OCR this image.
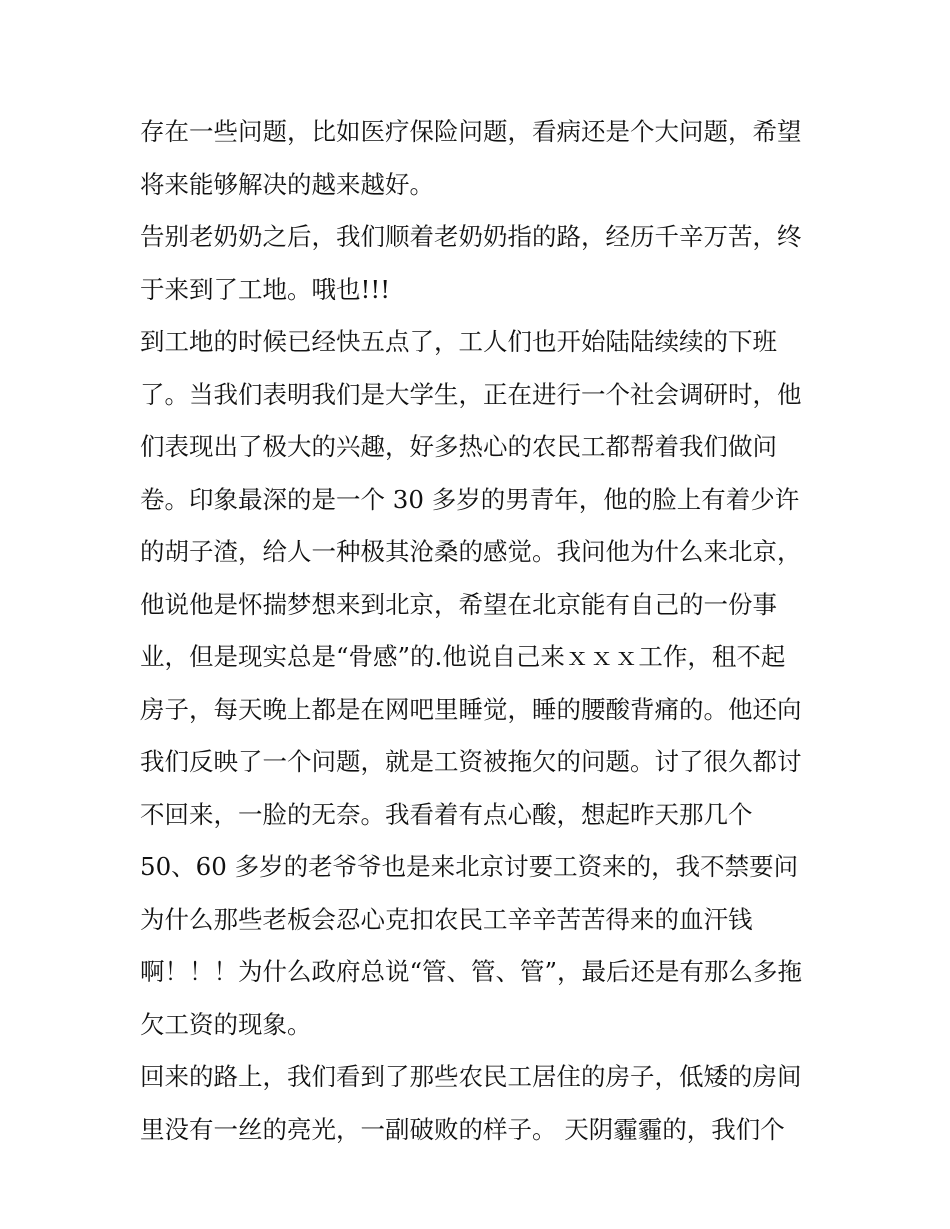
存在一些问题，比如医疗保险问题，看病还是个大问题，希望
将来能够解决的越来越好。
告别老奶奶之后，我们顺着老奶奶指的路，经历千辛万苦，终
于来到了工地。哦也!!!
到工地的时候已经快五点了，工人们也开始陆陆续续的下班
了。当我们表明我们是大学生，正在进行一个社会调研时，他
们表现出了极大的兴趣，好多热心的农民工都帮着我们做问
卷。印象最深的是一个 30 多岁的男青年，他的脸上有着少许
的胡子渣，给人一种极其沧桑的感觉。我问他为什么来北京，
他说他是怀揣梦想来到北京，希望在北京能有自己的一份事
业，但是现实总是“骨感”的.他说自己来ｘｘｘ工作，租不起
房子，每天晚上都是在网吧里睡觉，睡的腰酸背痛的。他还向
我们反映了一个问题，就是工资被拖欠的问题。讨了很久都讨
不回来，一脸的无奈。我看着有点心酸，想起昨天那几个
50、60 多岁的老爷爷也是来北京讨要工资来的，我不禁要问
为什么那些老板会忍心克扣农民工辛辛苦苦得来的血汗钱
啊！！！为什么政府总说“管、管、管”，最后还是有那么多拖
欠工资的现象。
回来的路上，我们看到了那些农民工居住的房子，低矮的房间
里没有一丝的亮光，一副破败的样子。 天阴霾霾的，我们个
